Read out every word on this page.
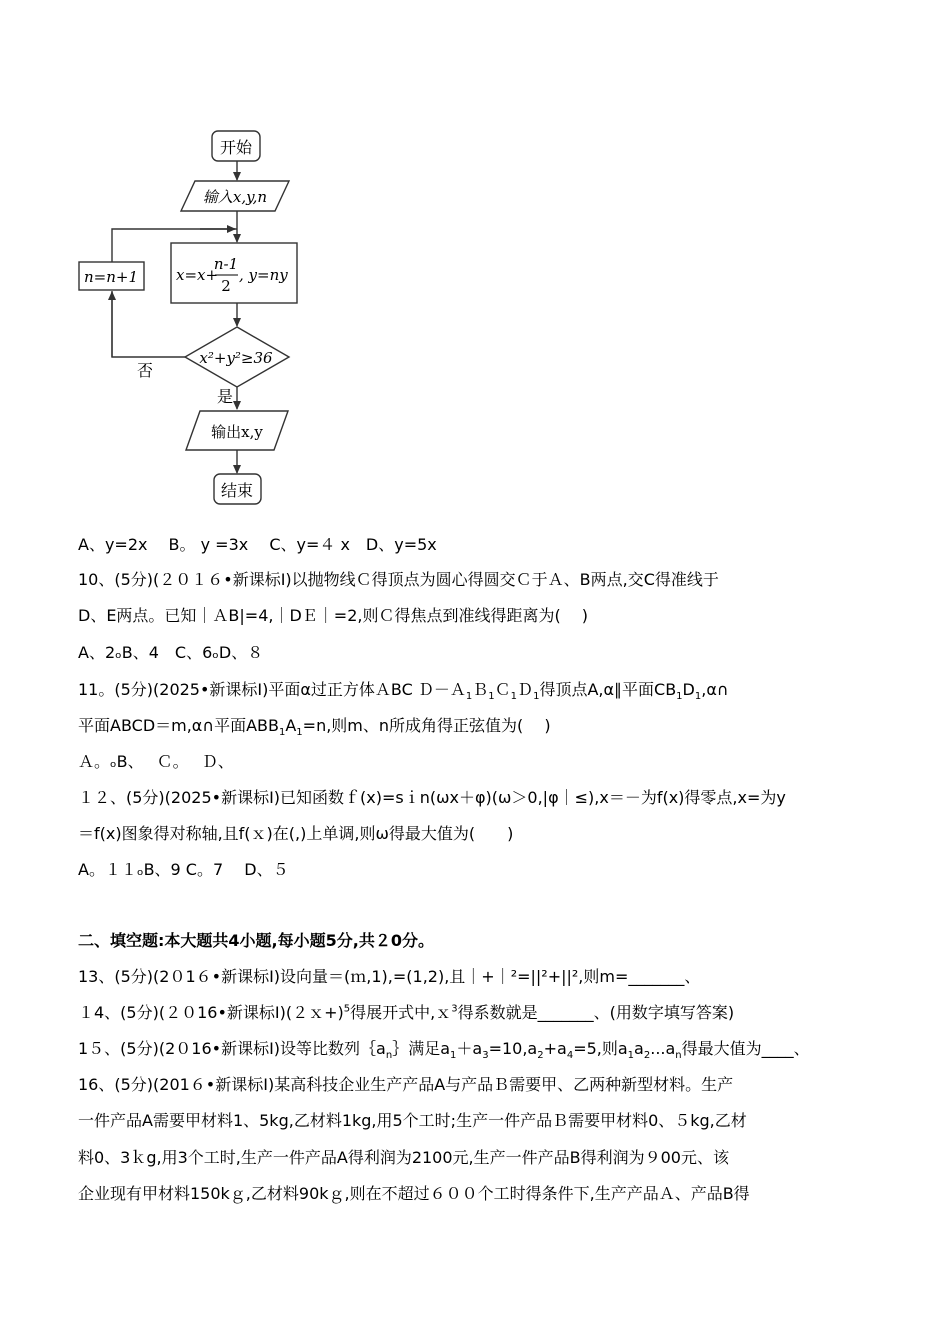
开始
输入x,y,n
n=n+1	x=x+
n-1
2
, y=ny
x²+y²≥36
否
是
输出x,y
结束
A、y=2x　 B。 y =3x　 C、y=４ x　D、y=5x
10、(5分)(２０１６•新课标Ⅰ)以抛物线Ｃ得顶点为圆心得圆交Ｃ于Ａ、B两点,交C得准线于
D、E两点。已知｜ＡB|=4,｜DＥ｜=2,则Ｃ得焦点到准线得距离为(　 )
A、2ₒB、4　C、6ₒD、８
11。(5分)(2025•新课标Ⅰ)平面α过正方体ＡBC Ｄ－Ａ$_1$Ｂ$_1$Ｃ$_1$Ｄ$_1$得顶点A,α∥平面$CB_1D_1,\alpha\cap$
平面ABCD＝m,α∩平面$ABB_1A_1=n$,则m、n所成角得正弦值为(　 )
Ａ。ₒB、　 Ｃ。　 Ｄ、
１２、(5分)(2025•新课标Ⅰ)已知函数ｆ(x)=sｉn(ωx＋φ)(ω＞0,|φ｜≤),x＝－为f(x)得零点,x=为y
＝f(x)图象得对称轴,且f(ｘ)在(,)上单调,则ω得最大值为(　　)
A。１１ₒB、9 C。7　 D、５
二、填空题:本大题共4小题,每小题5分,共２0分。
13、(5分)(2０1６•新课标Ⅰ)设向量＝(ｍ,1),=(1,2),且｜+｜²=||²+||²,则m=_______、
１4、(5分)(２０16•新课标Ⅰ)(２ｘ+)$^5$得展开式中,ｘ$^3$得系数就是_______、(用数字填写答案)
1５、(5分)(2０16•新课标Ⅰ)设等比数列$\{a_n\}$满足$a_1+a_3=10,a_2+a_4=5$,则$a_1a_2...a_n$得最大值为____、
16、(5分)(201６•新课标Ⅰ)某高科技企业生产产品A与产品Ｂ需要甲、乙两种新型材料。生产
一件产品A需要甲材料1、5kg,乙材料1kg,用5个工时;生产一件产品Ｂ需要甲材料0、５kg,乙材
料0、3ｋg,用3个工时,生产一件产品A得利润为2100元,生产一件产品B得利润为９00元、该
企业现有甲材料150kｇ,乙材料90kｇ,则在不超过６００个工时得条件下,生产产品Ａ、产品B得
